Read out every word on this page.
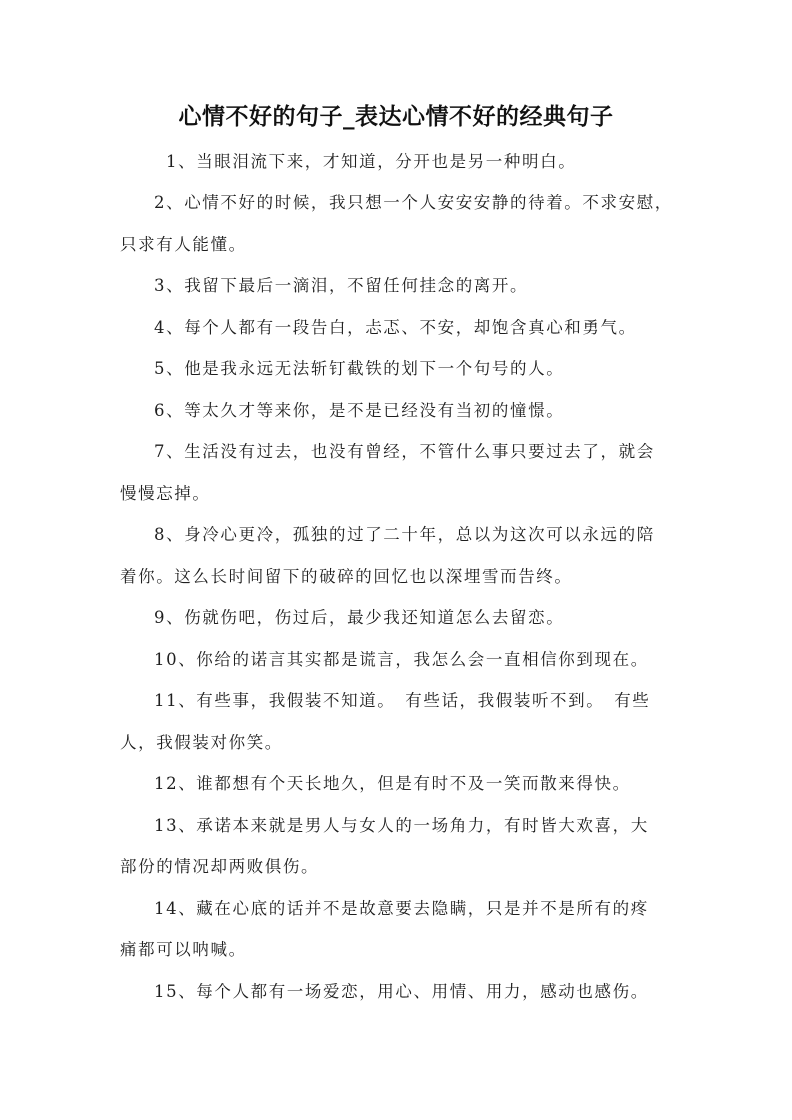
心情不好的句子_表达心情不好的经典句子
1、当眼泪流下来，才知道，分开也是另一种明白。
2、心情不好的时候，我只想一个人安安安静的待着。不求安慰，
只求有人能懂。
3、我留下最后一滴泪，不留任何挂念的离开。
4、每个人都有一段告白，忐忑、不安，却饱含真心和勇气。
5、他是我永远无法斩钉截铁的划下一个句号的人。
6、等太久才等来你，是不是已经没有当初的憧憬。
7、生活没有过去，也没有曾经，不管什么事只要过去了，就会
慢慢忘掉。
8、身冷心更冷，孤独的过了二十年，总以为这次可以永远的陪
着你。这么长时间留下的破碎的回忆也以深埋雪而告终。
9、伤就伤吧，伤过后，最少我还知道怎么去留恋。
10、你给的诺言其实都是谎言，我怎么会一直相信你到现在。
11、有些事，我假装不知道。　有些话，我假装听不到。　有些
人，我假装对你笑。
12、谁都想有个天长地久，但是有时不及一笑而散来得快。
13、承诺本来就是男人与女人的一场角力，有时皆大欢喜，大
部份的情况却两败俱伤。
14、藏在心底的话并不是故意要去隐瞒，只是并不是所有的疼
痛都可以呐喊。
15、每个人都有一场爱恋，用心、用情、用力，感动也感伤。
